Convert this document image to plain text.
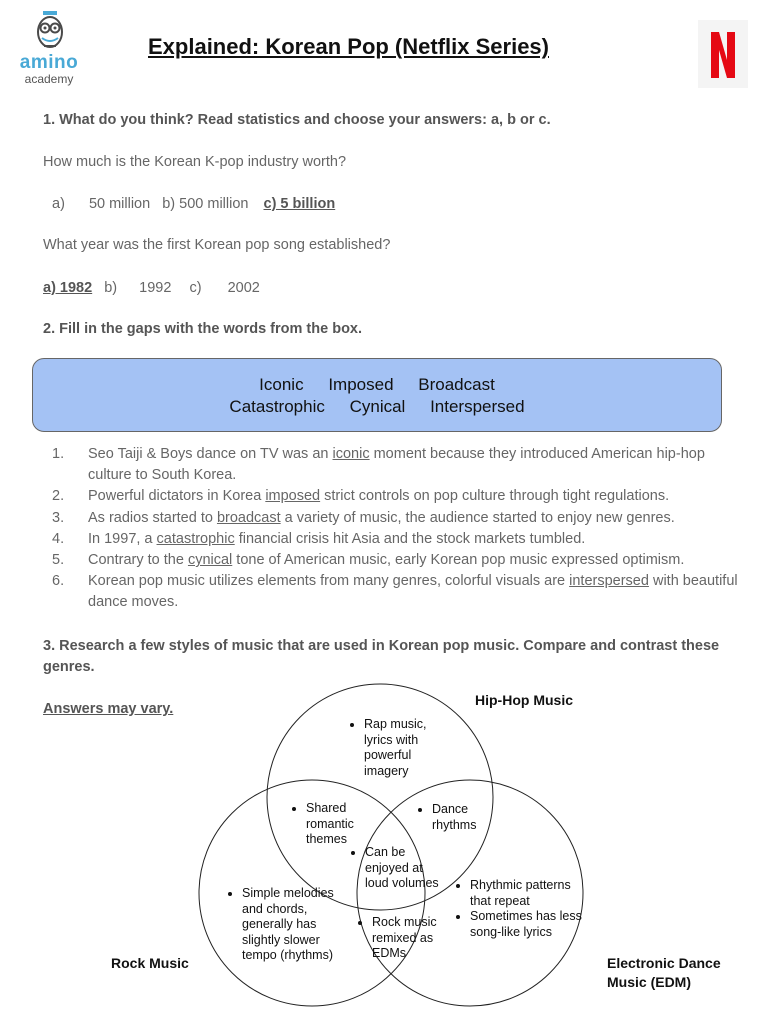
amino
academy
Explained: Korean Pop (Netflix Series)
1. What do you think? Read statistics and choose your answers: a, b or c.
How much is the Korean K-pop industry worth?
a) 50 million b) 500 million c) 5 billion
What year was the first Korean pop song established?
a) 1982 b) 1992 c) 2002
2. Fill in the gaps with the words from the box.
Iconic Imposed Broadcast
Catastrophic Cynical Interspersed
1. Seo Taiji & Boys dance on TV was an iconic moment because they introduced American hip-hop culture to South Korea.
2. Powerful dictators in Korea imposed strict controls on pop culture through tight regulations.
3. As radios started to broadcast a variety of music, the audience started to enjoy new genres.
4. In 1997, a catastrophic financial crisis hit Asia and the stock markets tumbled.
5. Contrary to the cynical tone of American music, early Korean pop music expressed optimism.
6. Korean pop music utilizes elements from many genres, colorful visuals are interspersed with beautiful dance moves.
3. Research a few styles of music that are used in Korean pop music. Compare and contrast these
genres.
Answers may vary.
Hip-Hop Music
Rock Music	Electronic Dance
Music (EDM)
• Rap music, lyrics with powerful imagery
• Shared romantic themes
• Dance rhythms
• Can be enjoyed at loud volumes
• Simple melodies and chords, generally has slightly slower tempo (rhythms)
• Rock music remixed as EDMs
• Rhythmic patterns that repeat
• Sometimes has less song-like lyrics
